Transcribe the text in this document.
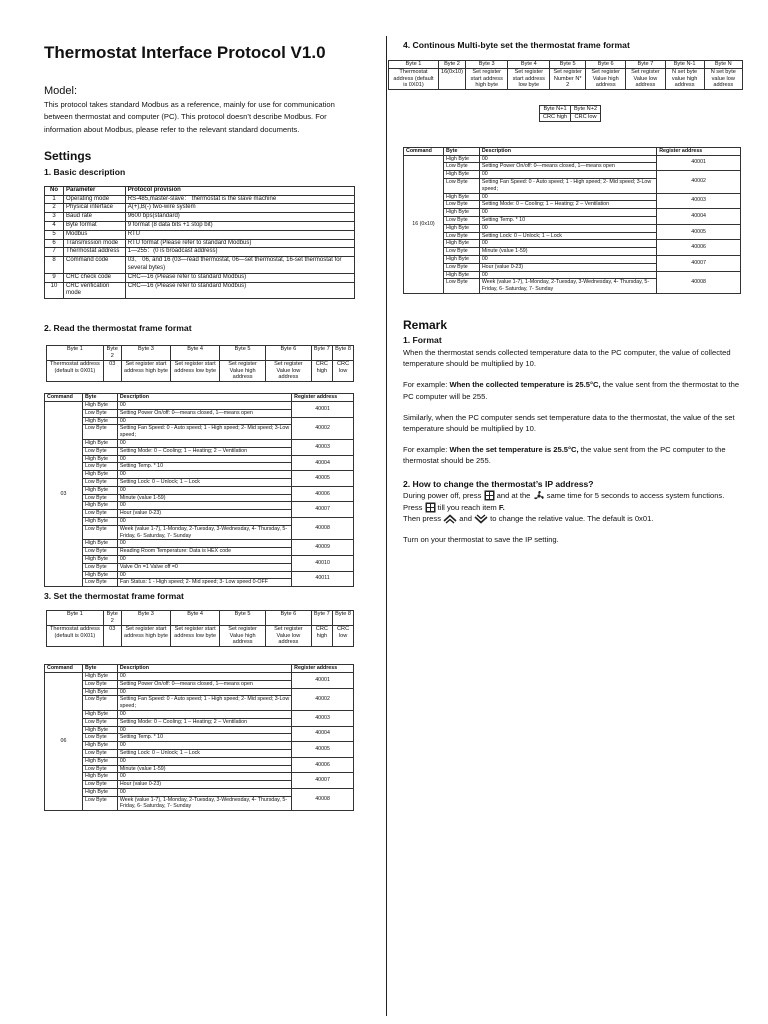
Thermostat Interface Protocol V1.0
Model:

This protocol takes standard Modbus as a reference, mainly for use for communication between thermostat and computer (PC). This protocol doesn’t describe Modbus. For information about Modbus, please refer to the relevant standard documents.

Settings
1. Basic description
No	Parameter	Protocol provision
1	Operating mode	RS-485,master-slave： thermostat is the slave machine
2	Physical interface	A(+),B(-) two-wire system
3	Baud rate	9600 bps(standard)
4	Byte format	9 format (8 data bits +1 stop bit)
5	Modbus	RTU
6	Transmission mode	RTU format (Please refer to standard Modbus)
7	Thermostat address	1—255：(0 is broadcast address)
8	Command code	03、 06, and 16 (03—read thermostat, 06—set thermostat, 16-set thermostat for several bytes)
9	CRC check code	CRC—16 (Please refer to standard Modbus)
10	CRC verification mode	CRC—16 (Please refer to standard Modbus)
2. Read the thermostat frame format
Byte 1	Byte 2	Byte 3	Byte 4	Byte 5	Byte 6	Byte 7	Byte 8
Thermostat address (default is 0X01)	03	Set register start address high byte	Set register start address low byte	Set register Value high address	Set register Value low address	CRC high	CRC low
Command	Byte	Description	Register address
03	High Byte	00	40001
	Low Byte	Setting Power On/off: 0—means closed, 1—means open	
	High Byte	00	40002
	Low Byte	Setting Fan Speed: 0 - Auto speed; 1 - High speed; 2- Mid speed; 3-Low speed；	
	High Byte	00	40003
	Low Byte	Setting Mode: 0 – Cooling; 1 – Heating; 2 – Ventilation	
	High Byte	00	40004
	Low Byte	Setting Temp. * 10	
	High Byte	00	40005
	Low Byte	Setting Lock: 0 – Unlock; 1 – Lock	
	High Byte	00	40006
	Low Byte	Minute (value 1-59)	
	High Byte	00	40007
	Low Byte	Hour (value 0-23)	
	High Byte	00	40008
	Low Byte	Week (value 1-7), 1-Monday, 2-Tuesday, 3-Wednesday, 4- Thursday, 5- Friday, 6- Saturday, 7- Sunday	
	High Byte	00	40009
	Low Byte	Reading Room Temperature: Data is HEX code	
	High Byte	00	40010
	Low Byte	Valve On =1 Valve off =0	
	High Byte	00	40011
	Low Byte	Fan Status: 1 - High speed; 2- Mid speed; 3- Low speed 0-OFF	
3. Set the thermostat frame format
Byte 1	Byte 2	Byte 3	Byte 4	Byte 5	Byte 6	Byte 7	Byte 8
Thermostat address (default is 0X01)	03	Set register start address high byte	Set register start address low byte	Set register Value high address	Set register Value low address	CRC high	CRC low
Command	Byte	Description	Register address
06	High Byte	00	40001
	Low Byte	Setting Power On/off: 0—means closed, 1—means open	
	High Byte	00	40002
	Low Byte	Setting Fan Speed: 0 - Auto speed; 1 - High speed; 2- Mid speed; 3-Low speed；	
	High Byte	00	40003
	Low Byte	Setting Mode: 0 – Cooling; 1 – Heating; 2 – Ventilation	
	High Byte	00	40004
	Low Byte	Setting Temp. * 10	
	High Byte	00	40005
	Low Byte	Setting Lock: 0 – Unlock; 1 – Lock	
	High Byte	00	40006
	Low Byte	Minute (value 1-59)	
	High Byte	00	40007
	Low Byte	Hour (value 0-23)	
	High Byte	00	40008
	Low Byte	Week (value 1-7), 1-Monday, 2-Tuesday, 3-Wednesday, 4- Thursday, 5- Friday, 6- Saturday, 7- Sunday	
4. Continous Multi-byte set the thermostat frame format
Byte 1	Byte 2	Byte 3	Byte 4	Byte 5	Byte 6	Byte 7	Byte N-1	Byte N
Thermostat address (default is 0X01)	16(0x10)	Set register start address high byte	Set register start address low byte	Set register Number N* 2	Set register Value high address	Set register Value low address	N set byte value high address	N set byte value low address
Byte N+1	Byte N+2
CRC high	CRC low
Command	Byte	Description	Register address
16 (0x10)	High Byte	00	40001
	Low Byte	Setting Power On/off: 0—means closed, 1—means open	
	High Byte	00	40002
	Low Byte	Setting Fan Speed: 0 - Auto speed; 1 - High speed; 2- Mid speed; 3-Low speed；	
	High Byte	00	40003
	Low Byte	Setting Mode: 0 – Cooling; 1 – Heating; 2 – Ventilation	
	High Byte	00	40004
	Low Byte	Setting Temp. * 10	
	High Byte	00	40005
	Low Byte	Setting Lock: 0 – Unlock; 1 – Lock	
	High Byte	00	40006
	Low Byte	Minute (value 1-59)	
	High Byte	00	40007
	Low Byte	Hour (value 0-23)	
	High Byte	00	40008
	Low Byte	Week (value 1-7), 1-Monday, 2-Tuesday, 3-Wednesday, 4- Thursday, 5- Friday, 6- Saturday, 7- Sunday	
Remark
1. Format

When the thermostat sends collected temperature data to the PC computer, the value of collected temperature should be multiplied by 10.

For example: When the collected temperature is 25.5°C, the value sent from the thermostat to the PC computer will be 255.

Similarly, when the PC computer sends set temperature data to the thermostat, the value of the set temperature should be multiplied by 10.

For example: When the set temperature is 25.5°C, the value sent from the PC computer to the thermostat should be 255.

2. How to change the thermostat’s IP address?

During power off, press and at the same time for 5 seconds to access system functions.

Press till you reach item F.

Then press and to change the relative value. The default is 0x01.

Turn on your thermostat to save the IP setting.
